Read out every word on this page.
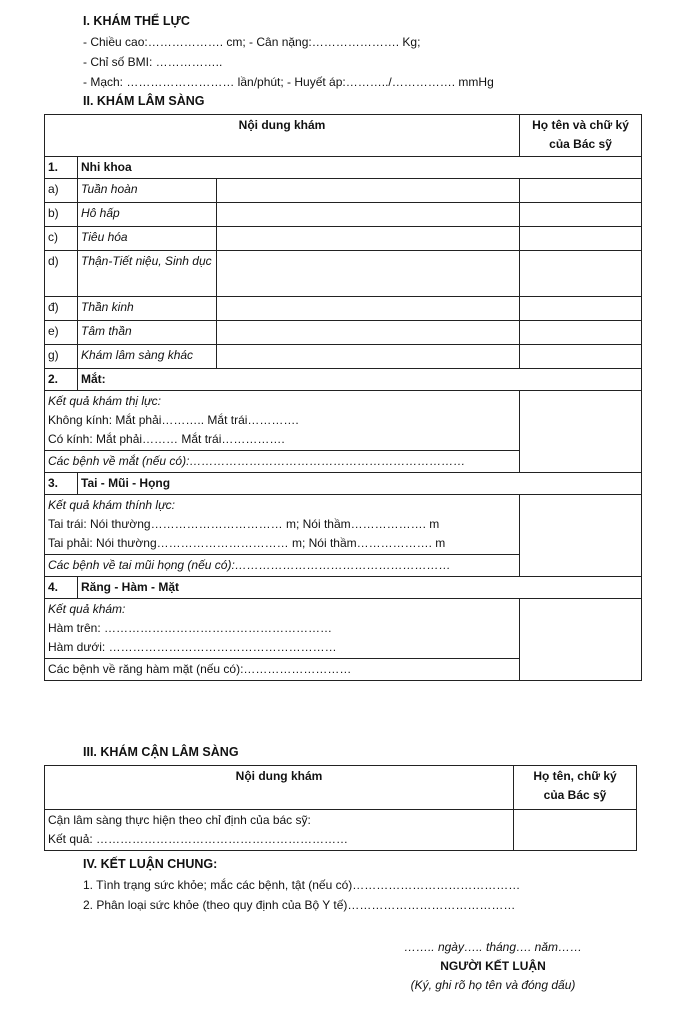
I. KHÁM THỂ LỰC
- Chiều cao:………………. cm; - Cân nặng:…………………. Kg;
- Chỉ số BMI: ……………..
- Mạch: ……………………… lần/phút; - Huyết áp:………../……………. mmHg
II. KHÁM LÂM SÀNG
Nội dung khám			Họ tên và chữ ký
của Bác sỹ
1.	Nhi khoa		
a)	Tuần hoàn		
b)	Hô hấp		
c)	Tiêu hóa		
d)	Thận-Tiết niệu, Sinh dục		
đ)	Thần kinh		
e)	Tâm thần		
g)	Khám lâm sàng khác		
2.	Mắt:		

Kết quả khám thị lực:
Không kính: Mắt phải……….. Mắt trái………….
Có kính: Mắt phải……… Mắt trái…………….			

Các bệnh về mắt (nếu có):……………………………………………………………			
3.	Tai - Mũi - Họng		

Kết quả khám thính lực:
Tai trái: Nói thường…………………………… m; Nói thầm………………. m
Tai phải: Nói thường…………………………… m; Nói thầm………………. m			

Các bệnh về tai mũi họng (nếu có):………………………………………………			
4.	Răng - Hàm - Mặt		

Kết quả khám:
Hàm trên: …………………………………………………
Hàm dưới: …………………………………………………			

Các bệnh về răng hàm mặt (nếu có):………………………			
III. KHÁM CẬN LÂM SÀNG
Nội dung khám	Họ tên, chữ ký
của Bác sỹ

Cận lâm sàng thực hiện theo chỉ định của bác sỹ:
Kết quả: ………………………………………………………	

IV. KẾT LUẬN CHUNG:
1. Tình trạng sức khỏe; mắc các bệnh, tật (nếu có)……………………………………
2. Phân loại sức khỏe (theo quy định của Bộ Y tế)……………………………………
…….. ngày….. tháng…. năm……
NGƯỜI KẾT LUẬN
(Ký, ghi rõ họ tên và đóng dấu)
